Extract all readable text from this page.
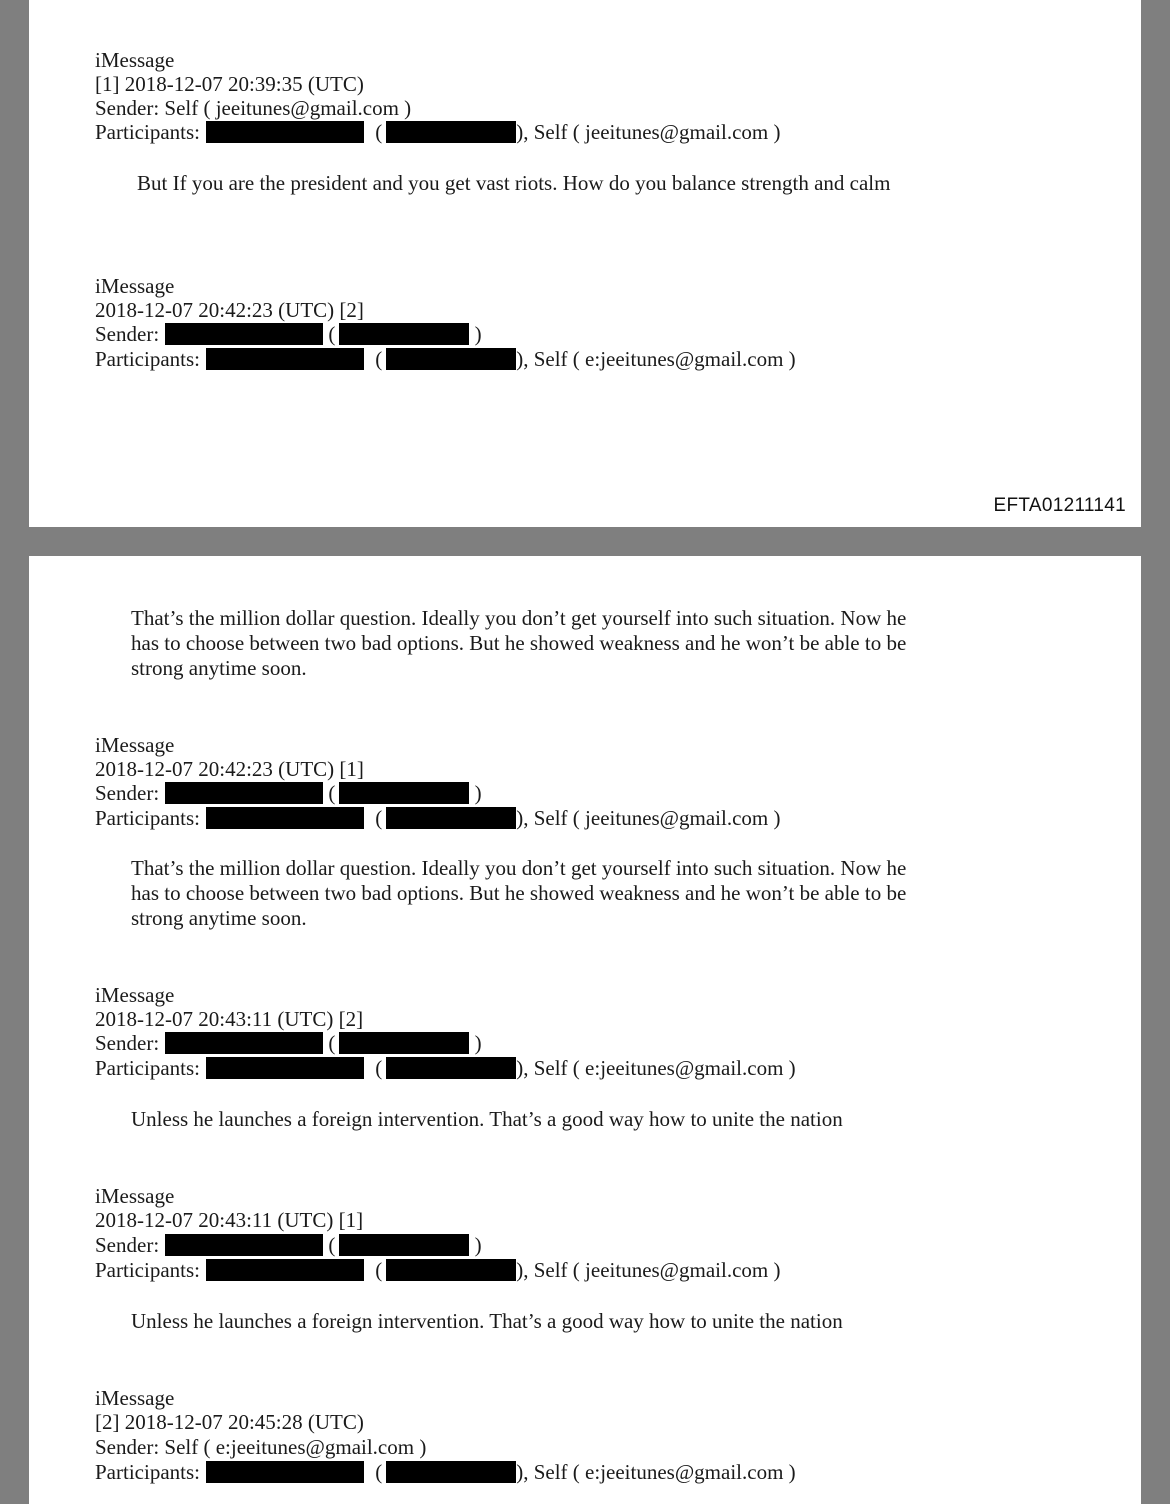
iMessage

[1] 2018-12-07 20:39:35 (UTC)

Sender: Self ( jeeitunes@gmail.com )

Participants:	(	), Self ( jeeitunes@gmail.com )

But If you are the president and you get vast riots. How do you balance strength and calm

iMessage

2018-12-07 20:42:23 (UTC) [2]

Sender:	(	)

Participants:	(	), Self ( e:jeeitunes@gmail.com )

EFTA01211141

That’s the million dollar question. Ideally you don’t get yourself into such situation. Now he has to choose between two bad options. But he showed weakness and he won’t be able to be strong anytime soon.

iMessage

2018-12-07 20:42:23 (UTC) [1]

Sender:	(	)

Participants:	(	), Self ( jeeitunes@gmail.com )

That’s the million dollar question. Ideally you don’t get yourself into such situation. Now he has to choose between two bad options. But he showed weakness and he won’t be able to be strong anytime soon.

iMessage

2018-12-07 20:43:11 (UTC) [2]

Sender:	(	)

Participants:	(	), Self ( e:jeeitunes@gmail.com )

Unless he launches a foreign intervention. That’s a good way how to unite the nation

iMessage

2018-12-07 20:43:11 (UTC) [1]

Sender:	(	)

Participants:	(	), Self ( jeeitunes@gmail.com )

Unless he launches a foreign intervention. That’s a good way how to unite the nation

iMessage

[2] 2018-12-07 20:45:28 (UTC)

Sender: Self ( e:jeeitunes@gmail.com )

Participants:	(	), Self ( e:jeeitunes@gmail.com )
